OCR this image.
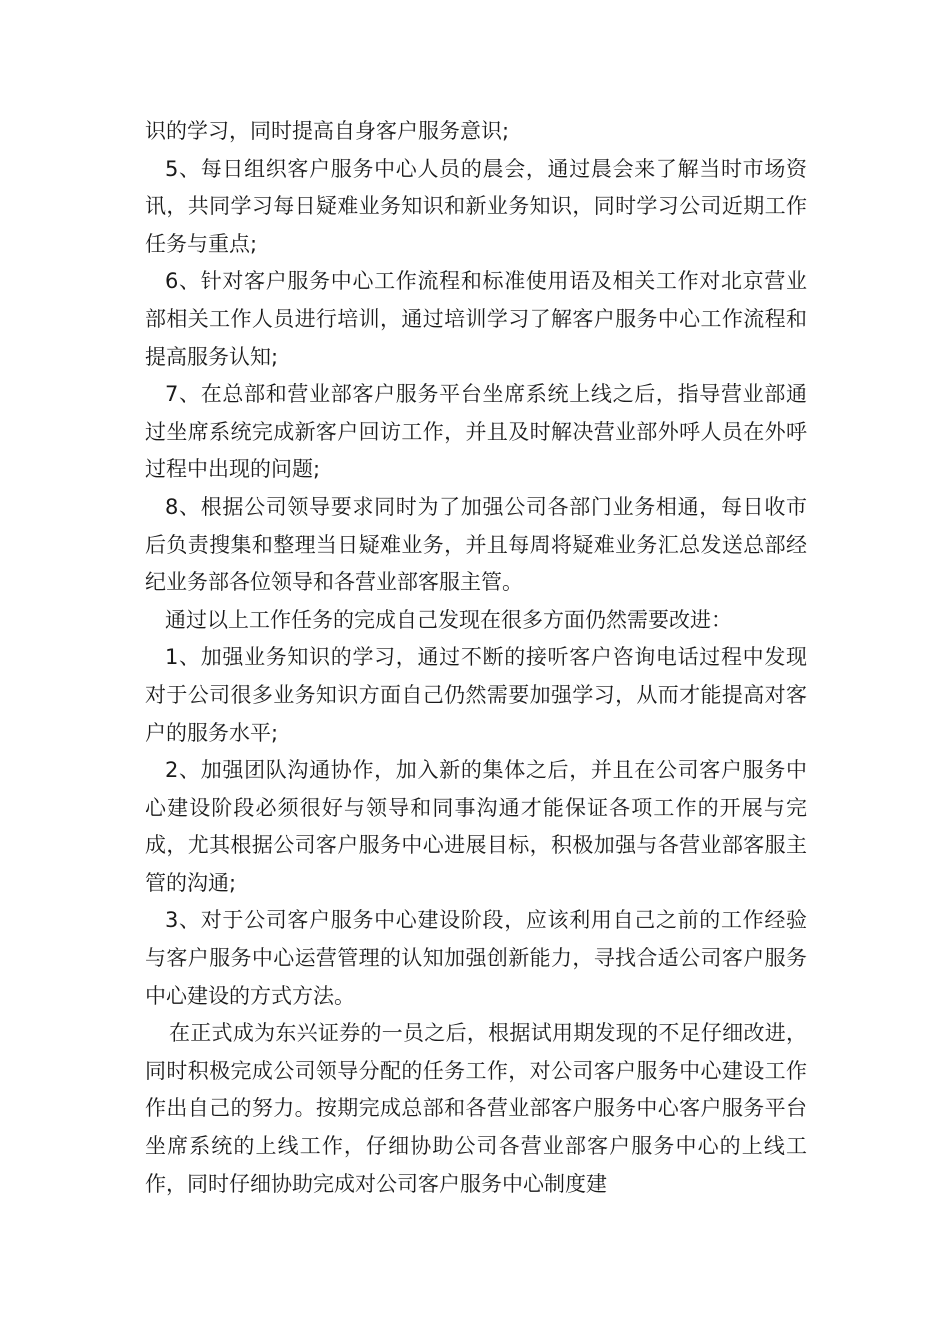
识的学习，同时提高自身客户服务意识;

5、每日组织客户服务中心人员的晨会，通过晨会来了解当时市场资讯，共同学习每日疑难业务知识和新业务知识，同时学习公司近期工作任务与重点;

6、针对客户服务中心工作流程和标准使用语及相关工作对北京营业部相关工作人员进行培训，通过培训学习了解客户服务中心工作流程和提高服务认知;

7、在总部和营业部客户服务平台坐席系统上线之后，指导营业部通过坐席系统完成新客户回访工作，并且及时解决营业部外呼人员在外呼过程中出现的问题;

8、根据公司领导要求同时为了加强公司各部门业务相通，每日收市后负责搜集和整理当日疑难业务，并且每周将疑难业务汇总发送总部经纪业务部各位领导和各营业部客服主管。

通过以上工作任务的完成自己发现在很多方面仍然需要改进：

1、加强业务知识的学习，通过不断的接听客户咨询电话过程中发现对于公司很多业务知识方面自己仍然需要加强学习，从而才能提高对客户的服务水平;

2、加强团队沟通协作，加入新的集体之后，并且在公司客户服务中心建设阶段必须很好与领导和同事沟通才能保证各项工作的开展与完成，尤其根据公司客户服务中心进展目标，积极加强与各营业部客服主管的沟通;

3、对于公司客户服务中心建设阶段，应该利用自己之前的工作经验与客户服务中心运营管理的认知加强创新能力，寻找合适公司客户服务中心建设的方式方法。

在正式成为东兴证券的一员之后，根据试用期发现的不足仔细改进，同时积极完成公司领导分配的任务工作，对公司客户服务中心建设工作作出自己的努力。按期完成总部和各营业部客户服务中心客户服务平台坐席系统的上线工作，仔细协助公司各营业部客户服务中心的上线工作，同时仔细协助完成对公司客户服务中心制度建
